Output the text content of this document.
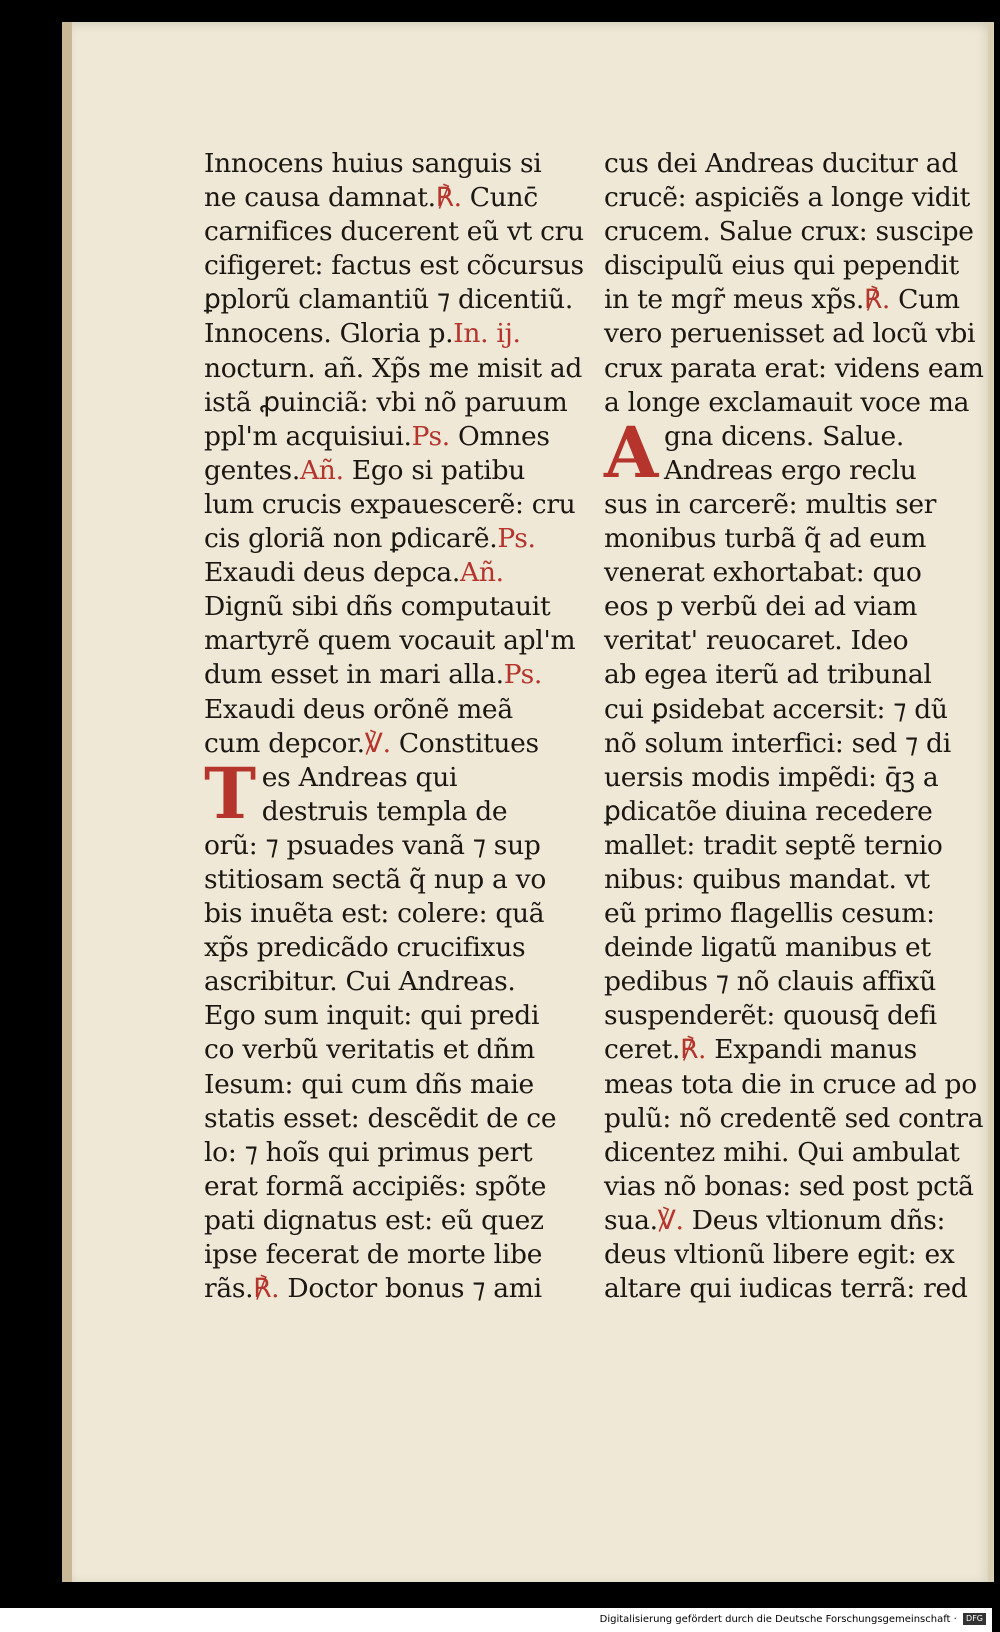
Innocens huius sanguis si
ne causa damnat.℟. Cunc̄
carnifices ducerent eũ vt cru
cifigeret: factus est cõcursus
ꝑplorũ clamantiũ ⁊ dicentiũ.
Innocens. Gloria p.In. ij.
nocturn. añ. Xp̃s me misit ad
istã ꝓuinciã: vbi nõ paruum
ppl'm acquisiui.Ps. Omnes
gentes.Añ. Ego si patibu
lum crucis expauescerẽ: cru
cis gloriã non ꝑdicarẽ.Ps.
Exaudi deus depca.Añ.
Dignũ sibi dñs computauit
martyrẽ quem vocauit apl'm
dum esset in mari alla.Ps.
Exaudi deus orõnẽ meã
cum depcor.℣. Constitues
Tes Andreas qui
destruis templa de
orũ: ⁊ psuades vanã ⁊ sup
stitiosam sectã q̃ nup a vo
bis inuẽta est: colere: quã
xp̃s predicãdo crucifixus
ascribitur. Cui Andreas.
Ego sum inquit: qui predi
co verbũ veritatis et dñm
Iesum: qui cum dñs maie
statis esset: descẽdit de ce
lo: ⁊ hoĩs qui primus pert
erat formã accipiẽs: spõte
pati dignatus est: eũ quez
ipse fecerat de morte libe
rãs.℟. Doctor bonus ⁊ ami
cus dei Andreas ducitur ad
crucẽ: aspiciẽs a longe vidit
crucem. Salue crux: suscipe
discipulũ eius qui pependit
in te mgr̃ meus xp̃s.℟. Cum
vero peruenisset ad locũ vbi
crux parata erat: videns eam
a longe exclamauit voce ma
Agna dicens. Salue.
Andreas ergo reclu
sus in carcerẽ: multis ser
monibus turbã q̃ ad eum
venerat exhortabat: quo
eos p verbũ dei ad viam
veritat' reuocaret. Ideo
ab egea iterũ ad tribunal
cui ꝑsidebat accersit: ⁊ dũ
nõ solum interfici: sed ⁊ di
uersis modis impẽdi: q̄ꝫ a
ꝑdicatõe diuina recedere
mallet: tradit septẽ ternio
nibus: quibus mandat. vt
eũ primo flagellis cesum:
deinde ligatũ manibus et
pedibus ⁊ nõ clauis affixũ
suspenderẽt: quousq̄ defi
ceret.℟. Expandi manus
meas tota die in cruce ad po
pulũ: nõ credentẽ sed contra
dicentez mihi. Qui ambulat
vias nõ bonas: sed post pctã
sua.℣. Deus vltionum dñs:
deus vltionũ libere egit: ex
altare qui iudicas terrã: red
Digitalisierung gefördert durch die Deutsche Forschungsgemeinschaft · DFG
